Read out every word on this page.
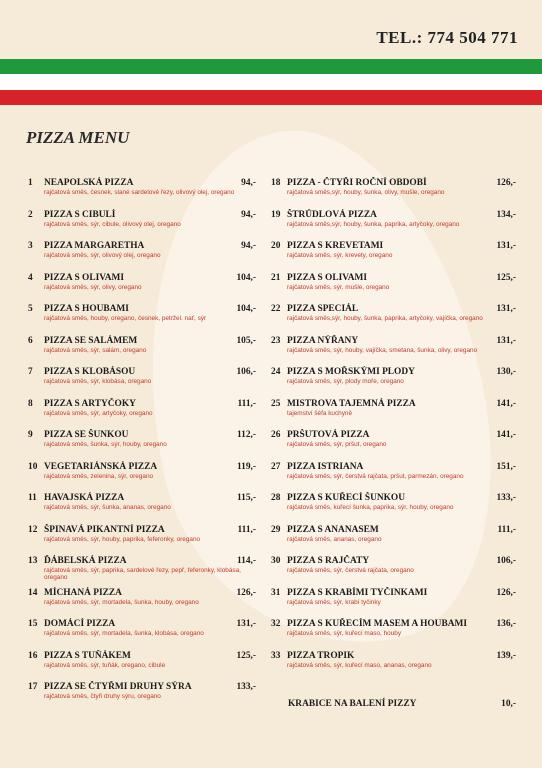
TEL.: 774 504 771
PIZZA MENU
1	NEAPOLSKÁ PIZZA	94,-
rajčatová směs, česnek, slané sardelové řezy, olivový olej, oregano
2	PIZZA S CIBULÍ	94,-
rajčatová směs, sýr, cibule, olivový olej, oregano
3	PIZZA MARGARETHA	94,-
rajčatová směs, sýr, olivový olej, oregano
4	PIZZA S OLIVAMI	104,-
rajčatová směs, sýr, olivy, oregano
5	PIZZA S HOUBAMI	104,-
rajčatová směs, houby, oregano, česnek, petržel. nať, sýr
6	PIZZA SE SALÁMEM	105,-
rajčatová směs, sýr, salám, oregano
7	PIZZA S KLOBÁSOU	106,-
rajčatová směs, sýr, klobása, oregano
8	PIZZA S ARTYČOKY	111,-
rajčatová směs, sýr, artyčoky, oregano
9	PIZZA SE ŠUNKOU	112,-
rajčatová směs, šunka, sýr, houby, oregano
10 VEGETARIÁNSKÁ PIZZA	119,-
rajčatová směs, zelenina, sýr, oregano
11 HAVAJSKÁ PIZZA	115,-
rajčatová směs, sýr, šunka, ananas, oregano
12 ŠPINAVÁ PIKANTNÍ PIZZA	111,-
rajčatová směs, sýr, houby, paprika, feferonky, oregano
13 ĎÁBELSKÁ PIZZA	114,-
rajčatová směs, sýr, paprika, sardelové řezy, pepř, feferonky, klobása, oregano
14 MÍCHANÁ PIZZA	126,-
rajčatová směs, sýr, mortadela, šunka, houby, oregano
15 DOMÁCÍ PIZZA	131,-
rajčatová směs, sýr, mortadela, šunka, klobása, oregano
16 PIZZA S TUŇÁKEM	125,-
rajčatová směs, sýr, tuňák, oregano, cibule
17 PIZZA SE ČTYŘMI DRUHY SÝRA	133,-
rajčatová směs, čtyři druhy sýru, oregano
18 PIZZA - ČTYŘI ROČNÍ OBDOBÍ	126,-
rajčatová směs,sýr, houby, šunka, olivy, mušle, oregano
19 ŠTRŮDLOVÁ PIZZA	134,-
rajčatová směs,sýr, houby, šunka, paprika, artyčoky, oregano
20 PIZZA S KREVETAMI	131,-
rajčatová směs, sýr, krevety, oregano
21 PIZZA S OLIVAMI	125,-
rajčatová směs, sýr, mušle, oregano
22 PIZZA SPECIÁL	131,-
rajčatová směs,sýr, houby, šunka, paprika, artyčoky, vajíčka, oregano
23 PIZZA NÝŘANY	131,-
rajčatová směs, sýr, houby, vajíčka, smetana, šunka, olivy, oregano
24 PIZZA S MOŘSKÝMI PLODY	130,-
rajčatová směs, sýr, plody moře, oregano
25 MISTROVA TAJEMNÁ PIZZA	141,-
tajemství šéfa kuchyně
26 PRŠUTOVÁ PIZZA	141,-
rajčatová směs, sýr, pršut, oregano
27 PIZZA ISTRIANA	151,-
rajčatová směs, sýr, čerstvá rajčata, pršut, parmezán, oregano
28 PIZZA S KUŘECÍ ŠUNKOU	133,-
rajčatová směs, kuřecí šunka, paprika, sýr, houby, oregano
29 PIZZA S ANANASEM	111,-
rajčatová směs, ananas, oregano
30 PIZZA S RAJČATY	106,-
rajčatová směs, sýr, čerstvá rajčata, oregano
31 PIZZA S KRABÍMI TYČINKAMI	126,-
rajčatová směs, sýr, krabí tyčinky
32 PIZZA S KUŘECÍM MASEM A HOUBAMI	136,-
rajčatová směs, sýr, kuřecí maso, houby
33 PIZZA TROPIK	139,-
rajčatová směs, sýr, kuřecí maso, ananas, oregano
KRABICE NA BALENÍ PIZZY	10,-
